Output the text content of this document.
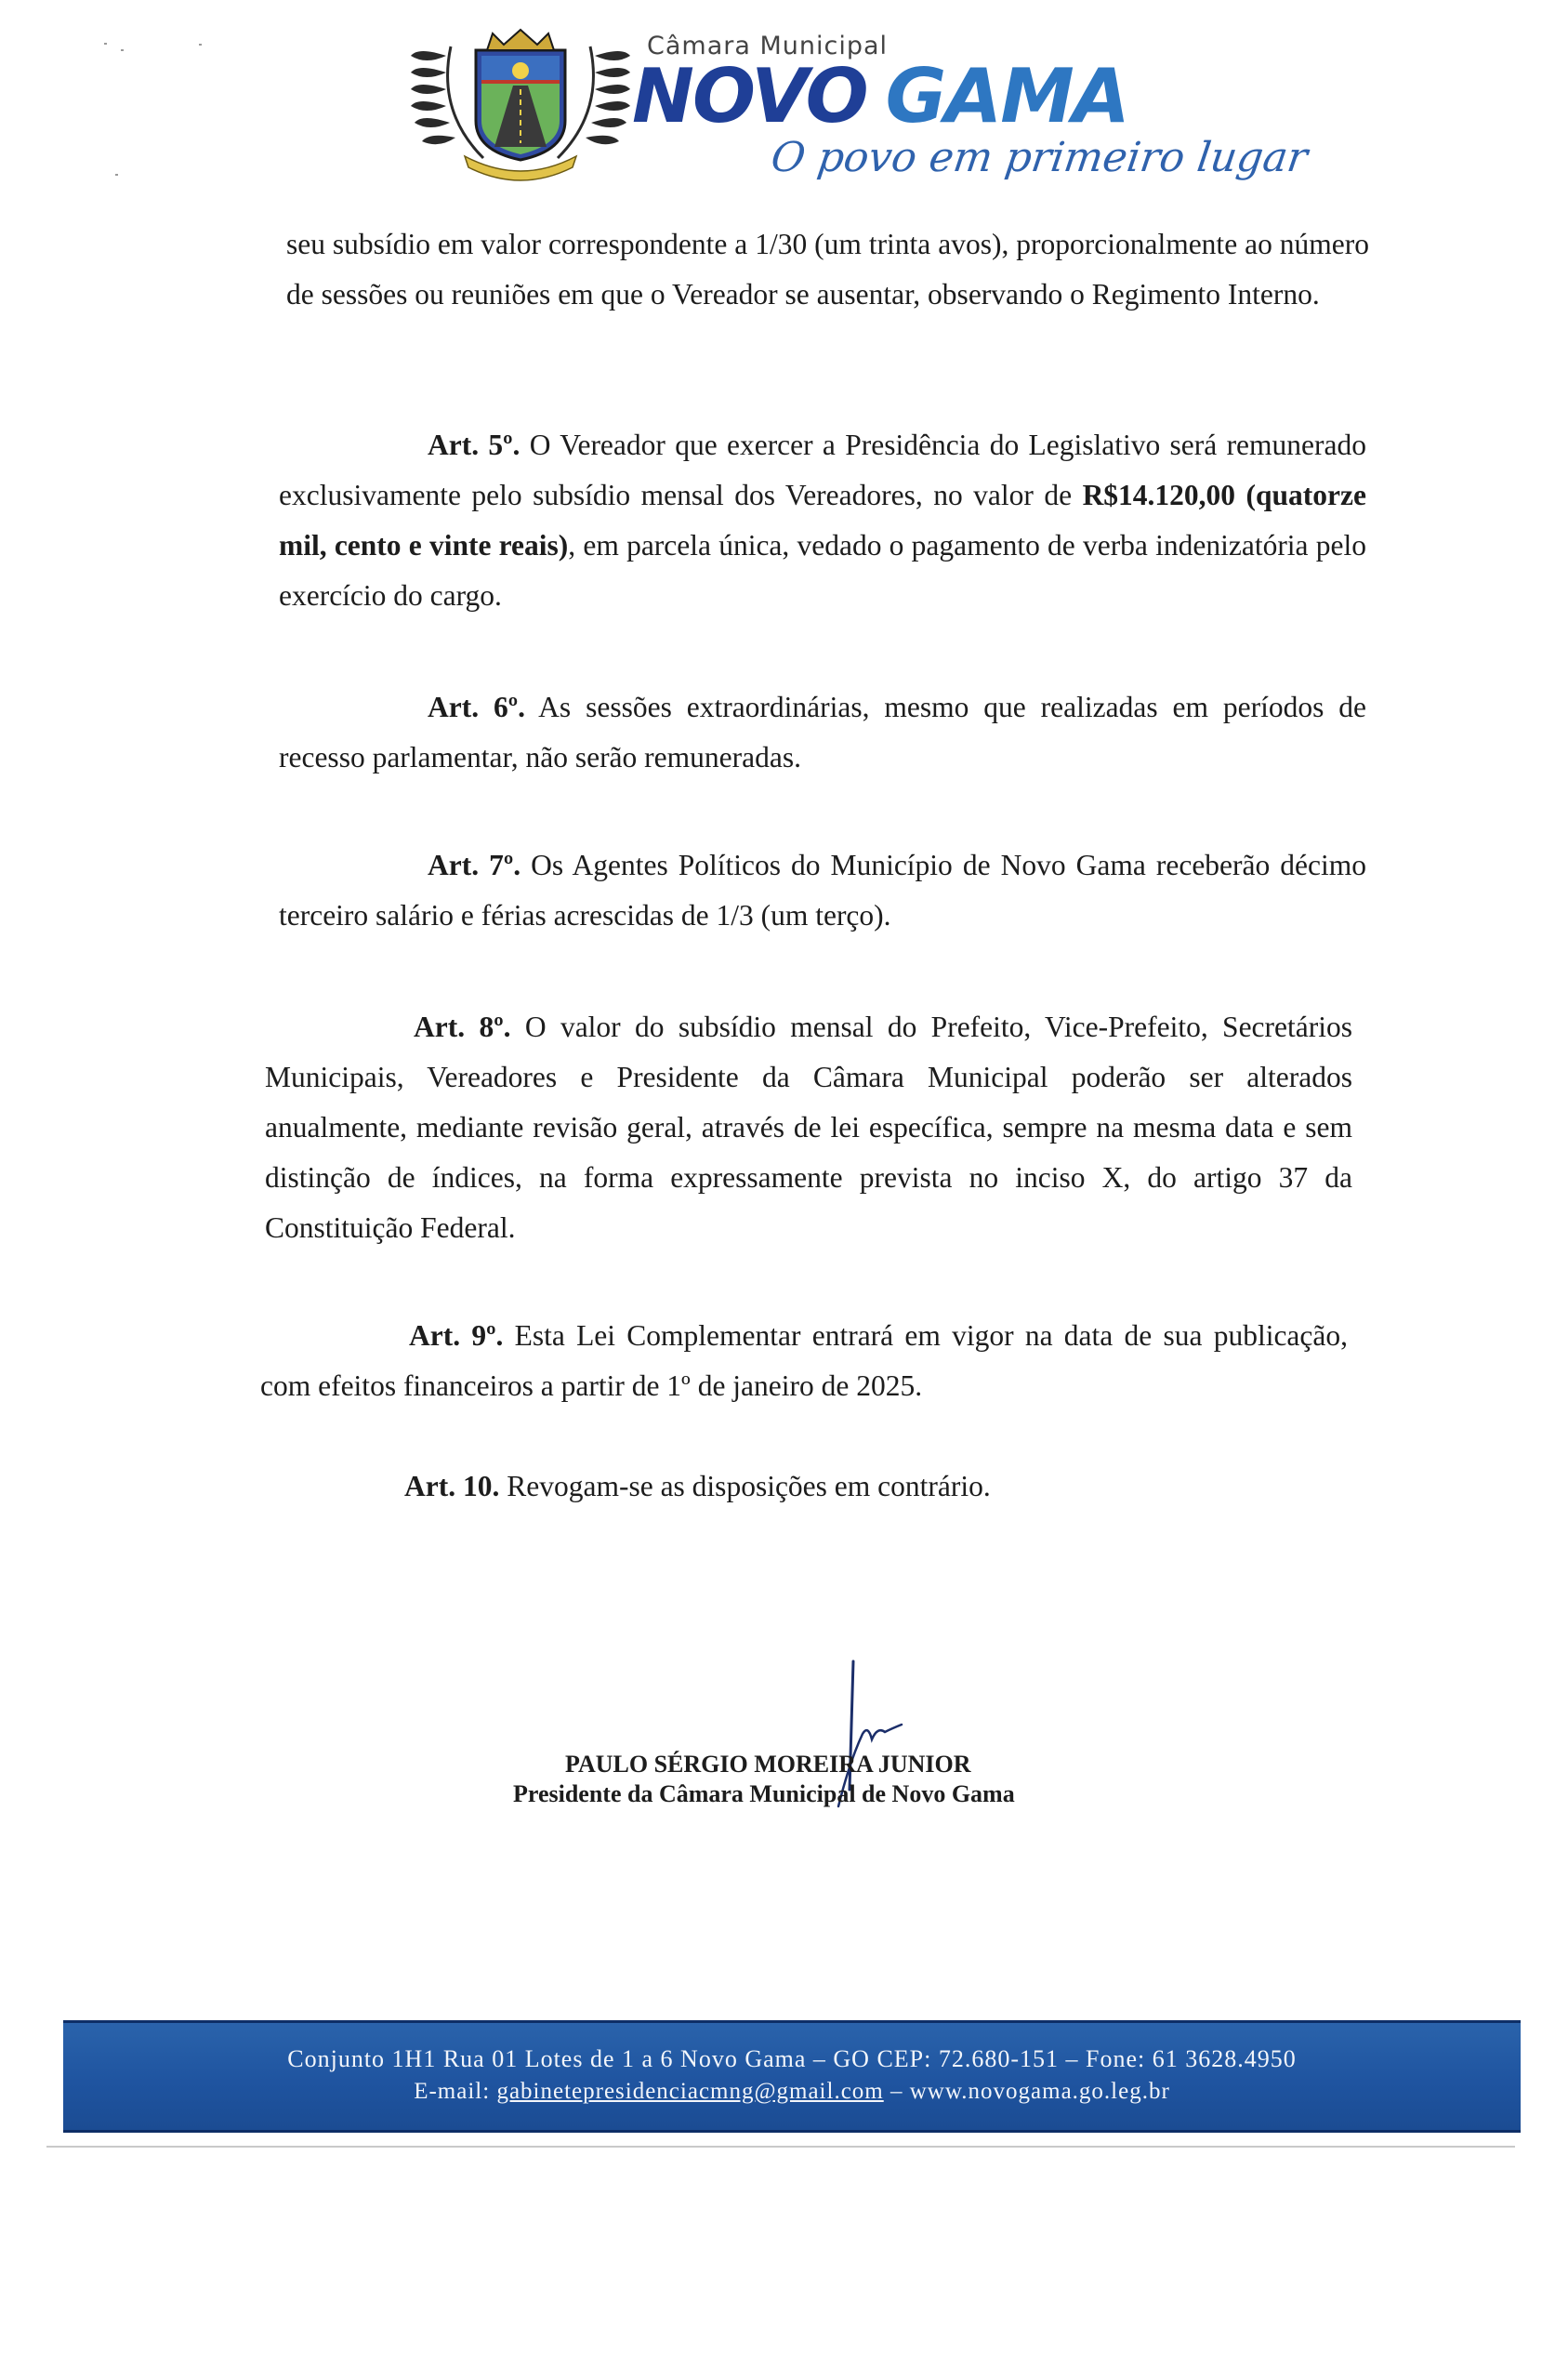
Câmara Municipal
NOVO GAMA
O povo em primeiro lugar

seu subsídio em valor correspondente a 1/30 (um trinta avos), proporcionalmente ao número de sessões ou reuniões em que o Vereador se ausentar, observando o Regimento Interno.

Art. 5º. O Vereador que exercer a Presidência do Legislativo será remunerado exclusivamente pelo subsídio mensal dos Vereadores, no valor de R$14.120,00 (quatorze mil, cento e vinte reais), em parcela única, vedado o pagamento de verba indenizatória pelo exercício do cargo.

Art. 6º. As sessões extraordinárias, mesmo que realizadas em períodos de recesso parlamentar, não serão remuneradas.

Art. 7º. Os Agentes Políticos do Município de Novo Gama receberão décimo terceiro salário e férias acrescidas de 1/3 (um terço).

Art. 8º. O valor do subsídio mensal do Prefeito, Vice-Prefeito, Secretários Municipais, Vereadores e Presidente da Câmara Municipal poderão ser alterados anualmente, mediante revisão geral, através de lei específica, sempre na mesma data e sem distinção de índices, na forma expressamente prevista no inciso X, do artigo 37 da Constituição Federal.

Art. 9º. Esta Lei Complementar entrará em vigor na data de sua publicação, com efeitos financeiros a partir de 1º de janeiro de 2025.

Art. 10. Revogam-se as disposições em contrário.

PAULO SÉRGIO MOREIRA JUNIOR
Presidente da Câmara Municipal de Novo Gama
Conjunto 1H1 Rua 01 Lotes de 1 a 6 Novo Gama – GO CEP: 72.680-151 – Fone: 61 3628.4950
E-mail: gabinetepresidenciacmng@gmail.com – www.novogama.go.leg.br
